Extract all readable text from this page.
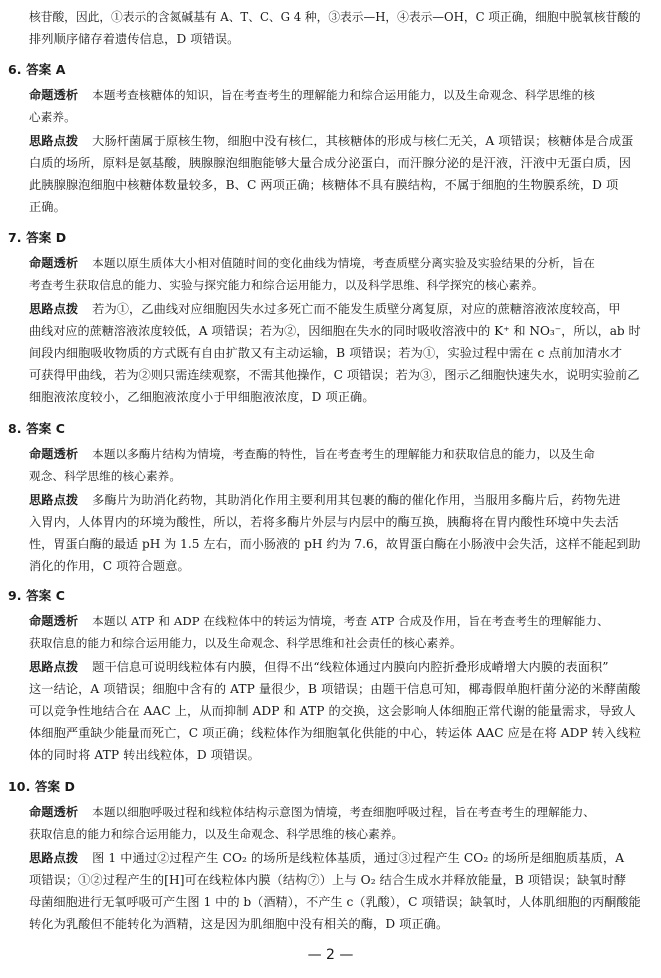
核苷酸，因此，①表示的含氮碱基有 A、T、C、G 4 种，③表示—H，④表示—OH，C 项正确，细胞中脱氧核苷酸的
排列顺序储存着遗传信息，D 项错误。
6. 答案 A
命题透析 本题考查核糖体的知识，旨在考查考生的理解能力和综合运用能力，以及生命观念、科学思维的核
心素养。
思路点拨 大肠杆菌属于原核生物，细胞中没有核仁，其核糖体的形成与核仁无关，A 项错误；核糖体是合成蛋
白质的场所，原料是氨基酸，胰腺腺泡细胞能够大量合成分泌蛋白，而汗腺分泌的是汗液，汗液中无蛋白质，因
此胰腺腺泡细胞中核糖体数量较多，B、C 两项正确；核糖体不具有膜结构，不属于细胞的生物膜系统，D 项
正确。
7. 答案 D
命题透析 本题以原生质体大小相对值随时间的变化曲线为情境，考查质壁分离实验及实验结果的分析，旨在
考查考生获取信息的能力、实验与探究能力和综合运用能力，以及科学思维、科学探究的核心素养。
思路点拨 若为①，乙曲线对应细胞因失水过多死亡而不能发生质壁分离复原，对应的蔗糖溶液浓度较高，甲
曲线对应的蔗糖溶液浓度较低，A 项错误；若为②，因细胞在失水的同时吸收溶液中的 K⁺ 和 NO₃⁻，所以，ab 时
间段内细胞吸收物质的方式既有自由扩散又有主动运输，B 项错误；若为①，实验过程中需在 c 点前加清水才
可获得甲曲线，若为②则只需连续观察，不需其他操作，C 项错误；若为③，图示乙细胞快速失水，说明实验前乙
细胞液浓度较小，乙细胞液浓度小于甲细胞液浓度，D 项正确。
8. 答案 C
命题透析 本题以多酶片结构为情境，考查酶的特性，旨在考查考生的理解能力和获取信息的能力，以及生命
观念、科学思维的核心素养。
思路点拨 多酶片为助消化药物，其助消化作用主要利用其包裹的酶的催化作用，当服用多酶片后，药物先进
入胃内，人体胃内的环境为酸性，所以，若将多酶片外层与内层中的酶互换，胰酶将在胃内酸性环境中失去活
性，胃蛋白酶的最适 pH 为 1.5 左右，而小肠液的 pH 约为 7.6，故胃蛋白酶在小肠液中会失活，这样不能起到助
消化的作用，C 项符合题意。
9. 答案 C
命题透析 本题以 ATP 和 ADP 在线粒体中的转运为情境，考查 ATP 合成及作用，旨在考查考生的理解能力、
获取信息的能力和综合运用能力，以及生命观念、科学思维和社会责任的核心素养。
思路点拨 题干信息可说明线粒体有内膜，但得不出“线粒体通过内膜向内腔折叠形成嵴增大内膜的表面积”
这一结论，A 项错误；细胞中含有的 ATP 量很少，B 项错误；由题干信息可知，椰毒假单胞杆菌分泌的米酵菌酸
可以竞争性地结合在 AAC 上，从而抑制 ADP 和 ATP 的交换，这会影响人体细胞正常代谢的能量需求，导致人
体细胞严重缺少能量而死亡，C 项正确；线粒体作为细胞氧化供能的中心，转运体 AAC 应是在将 ADP 转入线粒
体的同时将 ATP 转出线粒体，D 项错误。
10. 答案 D
命题透析 本题以细胞呼吸过程和线粒体结构示意图为情境，考查细胞呼吸过程，旨在考查考生的理解能力、
获取信息的能力和综合运用能力，以及生命观念、科学思维的核心素养。
思路点拨 图 1 中通过②过程产生 CO₂ 的场所是线粒体基质，通过③过程产生 CO₂ 的场所是细胞质基质，A
项错误；①②过程产生的[H]可在线粒体内膜（结构⑦）上与 O₂ 结合生成水并释放能量，B 项错误；缺氧时酵
母菌细胞进行无氧呼吸可产生图 1 中的 b（酒精），不产生 c（乳酸），C 项错误；缺氧时，人体肌细胞的丙酮酸能
转化为乳酸但不能转化为酒精，这是因为肌细胞中没有相关的酶，D 项正确。
— 2 —
